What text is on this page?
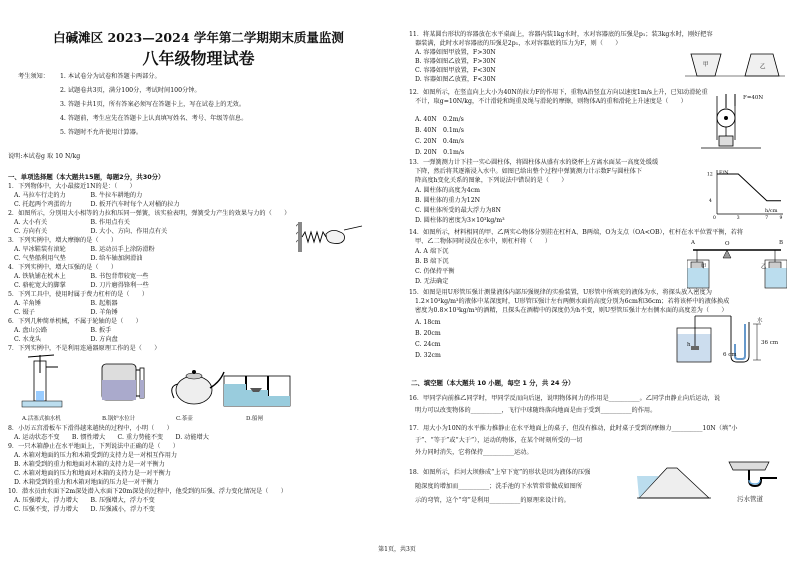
白碱滩区 2023—2024 学年第二学期期末质量监测
八年级物理试卷
考生须知： 1. 本试卷分为试卷和答题卡两部分。
2. 试题卷共3页，满分100分，考试时间100分钟。
3. 答题卡共1页，所有答案必须写在答题卡上，写在试卷上的无效。
4. 答题前，考生应先在答题卡上认真填写姓名、考号、年级等信息。
5. 答题时不允许使用计算器。
说明:本试卷g 取 10 N/kg
一、单项选择题（本大题共15题，每题2分，共30分）
1．下列物体中，大小最接近1N的是：（　　）
A. 马拉车行走的力　　　　B. 牛拉车耕地的力
C. 托起两个鸡蛋的力　　　D. 扳开汽车时每个人对桶的拉力
2．如图所示，分别用大小相等的力拉和压同一弹簧，该实验表明，弹簧受力产生的效果与力的（　　）
A. 大小有关　　　　　　　B. 作用点有关
C. 方向有关　　　　　　　D. 大小、方向、作用点有关
3．下列实例中，增大摩擦的是（　　）
A. 旱冰鞋装有滚轮　　　　B. 运动员手上涂防滑粉
C. 气垫船利用气垫　　　　D. 给车轴加润滑油
4．下列实例中，增大压强的是（　　）
A. 铁轨铺在枕木上　　　　B. 书包背带较宽一些
C. 骆驼宽大的脚掌　　　　D. 刀片磨得锋利一些
5．下列工具中，使用时属于费力杠杆的是（　　）
A. 羊角锤　　　　　　　　B. 起瓶器
C. 镊子　　　　　　　　　D. 羊角锤
6．下列几种简单机械，不属于轮轴的是（　　）
A. 盘山公路　　　　　　　B. 扳手
C. 水龙头　　　　　　　　D. 方向盘
7．下列实例中，不是利用连通器原理工作的是（　　）
A.活塞式抽水机	B.锅炉水位计	C.茶壶	D.船闸
8．小厉五宫滑板车下滑得越来越快的过程中，小明（　　）
A. 运动状态不变　　B. 惯性增大　　C. 重力势能不变　　D. 动能增大
9．一只木箱静止在水平地面上，下列说法中正确的是（　　）
A. 木箱对地面的压力和木箱受到的支持力是一对相互作用力
B. 木箱受到的重力和地面对木箱的支持力是一对平衡力
C. 木箱对地面的压力和地面对木箱的支持力是一对平衡力
D. 木箱受到的重力和木箱对地面的压力是一对平衡力
10．潜水员由水面下2m深处潜入水面下20m深处的过程中，他受到的压强、浮力变化情况是（　　）
A. 压强增大，浮力增大　　B. 压强增大，浮力不变
C. 压强不变，浮力增大　　D. 压强减小，浮力不变
11．将某圆台形状的容器放在水平桌面上，容器内装1kg水时，水对容器底的压强是p₁；装3kg水时，刚好把容
器装满，此时水对容器底的压强是2p₁，水对容器底的压力为F，则（　　）
A. 容器如图甲放置，F>30N
B. 容器如图乙放置，F>30N
C. 容器如图甲放置，F<30N
D. 容器如图乙放置，F<30N
甲	乙
12．如图所示，在竖直向上大小为40N的拉力F的作用下，重物A沿竖直方向以速度1m/s上升，已知动滑轮重
不计，取g=10N/kg，不计滑轮和绳重及绳与滑轮的摩擦，则物体A的重和滑轮上升速度是（　　）
A. 40N　0.2m/s
B. 40N　0.1m/s
C. 20N　0.4m/s
D. 20N　0.1m/s
F=40N
13．一弹簧测力计下挂一实心圆柱体，将圆柱体从盛有水的烧杯上方离水面某一高度处缓缓
下降，然后将其逐渐浸入水中。如图已给出整个过程中弹簧测力计示数F与圆柱体下
降高度h变化关系的图象，下列说法中错误的是（　　）
A. 圆柱体的高度为4cm
B. 圆柱体的重力为12N
C. 圆柱体所受的最大浮力为8N
D. 圆柱体的密度为3×10³kg/m³
h/cm
F/N
0	3	7	9
4
12
14．如图所示，材料相同的甲、乙两实心物体分别挂在杠杆A、B两端，O为支点（OA<OB），杠杆在水平位置平衡，若将
甲、乙二物体同时浸没在水中，则杠杆将（　　）
A. A 端下沉
B. B 端下沉
C. 仍保持平衡
D. 无法确定
A	O	B
甲	乙
15．如图是用U形管压强计测量液体内部压强规律的实验装置，U形管中所填充的液体为水，将探头放入密度为
1.2×10³kg/m³的液体中某深度时，U形管压强计左右两侧水面的高度分别为6cm和36cm；若将该杯中的液体换成
密度为0.8×10³kg/m³的酒精，且探头在酒精中的深度仍为h不变，则U型管压强计左右侧水面的高度差为（　　）
A. 18cm
B. 20cm
C. 24cm
D. 32cm
水
36 cm
6 cm
h
二、填空题（本大题共 10 小题，每空 1 分，共 24 分）
16．甲同学向前推乙同学时，甲同学反而向后退，说明物体间力的作用是__________。乙同学由静止向后运动，说
明力可以改变物体的__________，飞行中球随终落向地面是由于受到__________的作用。
17．用大小为10N的水平推力推静止在水平地面上的桌子，但没有推动，此时桌子受到的摩擦力__________10N（填“小
于”、“等于”或“大于”），运动的物体，在某个时刻所受的一切
外力同时消失，它将保持__________运动。
18．如图所示，拦河大坝修成“上窄下宽”的形状是因为液体的压强
随深度的增加而__________；洗手池的下水管常常做成如图所
示的弯管，这个“弯”是利用__________的原理来设计的。	污水管道
第1页，共3页
